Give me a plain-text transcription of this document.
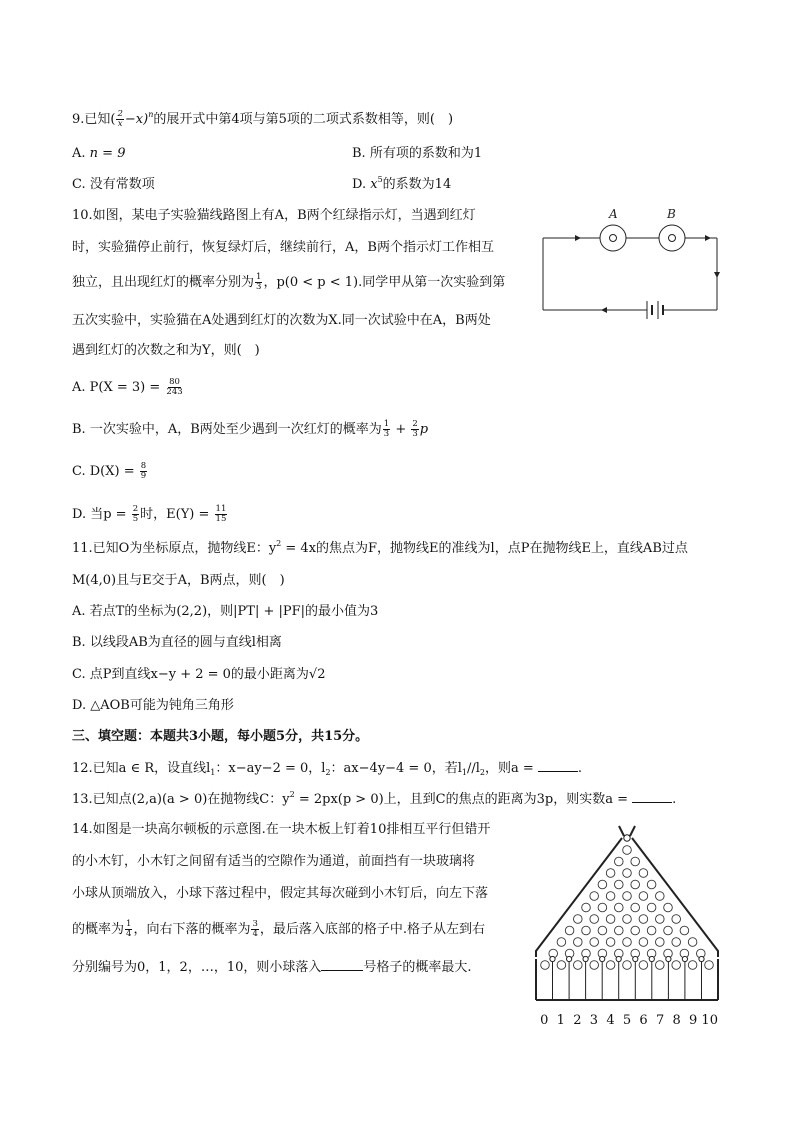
9.已知( $\frac{2}{x} -x)^n$的展开式中第4项与第5项的二项式系数相等，则(　)
A. n = 9	B. 所有项的系数和为1
C. 没有常数项	D. $x^5$的系数为14
10.如图，某电子实验猫线路图上有A，B两个红绿指示灯，当遇到红灯
时，实验猫停止前行，恢复绿灯后，继续前行，A，B两个指示灯工作相互
独立，且出现红灯的概率分别为 $\frac{1}{3}$ ，p(0 < p < 1).同学甲从第一次实验到第
五次实验中，实验猫在A处遇到红灯的次数为X.同一次试验中在A，B两处
遇到红灯的次数之和为Y，则(　)
A. $P(X = 3) = \frac{80}{243}$
B. 一次实验中，A，B两处至少遇到一次红灯的概率为 $\frac{1}{3} + \frac{2}{3}$ p
C. $D(X) = \frac{8}{9}$
D. 当$p = \frac{2}{5}$ 时，$E(Y) = \frac{11}{15}$
A	B
11.已知O为坐标原点，抛物线E：$y^2 = 4x$的焦点为F，抛物线E的准线为l，点P在抛物线E上，直线AB过点
M(4,0)且与E交于A，B两点，则(　)
A. 若点T的坐标为(2,2)，则|PT| + |PF|的最小值为3
B. 以线段AB为直径的圆与直线l相离
C. 点P到直线x−y + 2 = 0的最小距离为√2
D. △AOB可能为钝角三角形
三、填空题：本题共3小题，每小题5分，共15分。
12.已知a ∈ R，设直线$l_1$：x−ay−2 = 0，$l_2$：ax−4y−4 = 0，若$l_1//l_2$，则a =	.
13.已知点(2,a)(a > 0)在抛物线C：$y^2 = 2px(p > 0)$上，且到C的焦点的距离为3p，则实数a =	.
14.如图是一块高尔顿板的示意图.在一块木板上钉着10排相互平行但错开
的小木钉，小木钉之间留有适当的空隙作为通道，前面挡有一块玻璃将
小球从顶端放入，小球下落过程中，假定其每次碰到小木钉后，向左下落
的概率为 $\frac{1}{4}$ ，向右下落的概率为 $\frac{3}{4}$ ，最后落入底部的格子中.格子从左到右
分别编号为0，1，2，…，10，则小球落入	号格子的概率最大.
0 1 2 3 4 5 6 7 8 9 10
